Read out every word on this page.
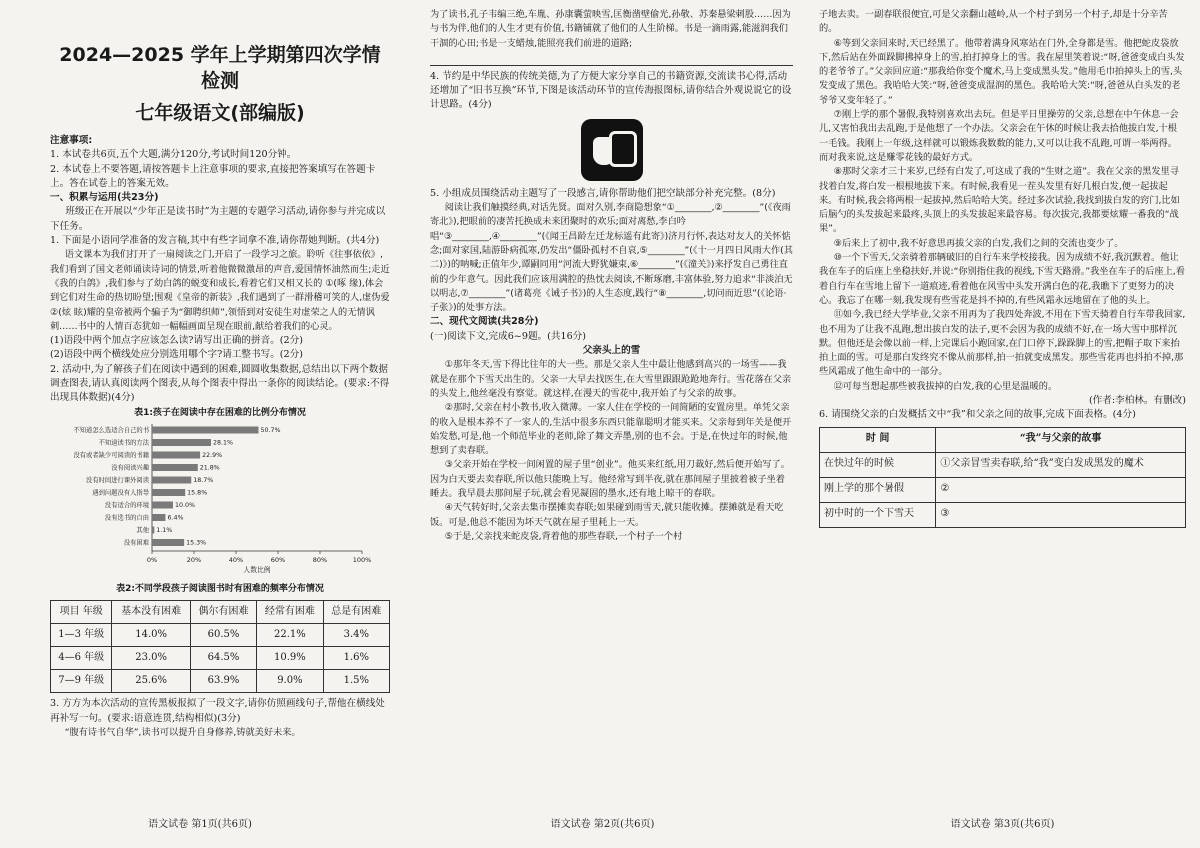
2024—2025 学年上学期第四次学情检测
七年级语文(部编版)

注意事项:

1. 本试卷共6页,五个大题,满分120分,考试时间120分钟。

2. 本试卷上不要答题,请按答题卡上注意事项的要求,直接把答案填写在答题卡上。答在试卷上的答案无效。

一、积累与运用(共23分)

班级正在开展以“少年正是读书时”为主题的专题学习活动,请你参与并完成以下任务。

1. 下面是小语同学准备的发言稿,其中有些字词拿不准,请你帮她判断。(共4分)

语文课本为我们打开了一扇阅读之门,开启了一段学习之旅。聆听《往事依依》,我们看到了国文老师诵读诗词的情景,听着他微微激昂的声音,爱国情怀油然而生;走近《我的白鸽》,我们参与了幼白鸽的蜕变和成长,看着它们又相又长的 ①(啄 缘),体会到它们对生命的热切盼望;围观《皇帝的新装》,我们遇到了一群滑稽可笑的人,虚伪爱 ②(炫 眩)耀的皇帝被两个骗子为“御聘织师”,领悟到对安徒生对虚荣之人的无情讽刺……书中的人情百态犹如一幅幅画面呈现在眼前,献给着我们的心灵。

(1)语段中两个加点字应该怎么读?请写出正确的拼音。(2分)

(2)语段中两个横线处应分别选用哪个字?请工整书写。(2分)

2. 活动中,为了解孩子们在阅读中遇到的困难,圆圆收集数据,总结出以下两个数据调查图表,请认真阅读两个图表,从每个图表中得出一条你的阅读结论。(要求:不得出现具体数据)(4分)

表1:孩子在阅读中存在困难的比例分布情况

不知道怎么选适合自己的书	50.7%
不知道读书的方法	28.1%
没有或者缺少可阅读的书籍	22.9%
没有阅读兴趣	21.8%
没有时间进行课外阅读	18.7%
遇到问题没有人指导	15.8%
没有适合的环境	10.0%
没有选书的自由	6.4%
其他 1.1%
没有困难	15.3%
0%	20%	40%	60%	80%	100%
人数比例

表2:不同学段孩子阅读图书时有困难的频率分布情况

项目 年级	基本没有困难	偶尔有困难	经常有困难	总是有困难
1—3 年级	14.0%	60.5%	22.1%	3.4%
4—6 年级	23.0%	64.5%	10.9%	1.6%
7—9 年级	25.6%	63.9%	9.0%	1.5%

3. 方方为本次活动的宣传黑板报拟了一段文字,请你仿照画线句子,帮他在横线处再补写一句。(要求:语意连贯,结构相似)(3分)

“腹有诗书气自华”,读书可以提升自身修养,铸就美好未来。

语文试卷 第1页(共6页)

为了读书,孔子韦编三绝,车胤、孙康囊萤映雪,匡衡凿壁偷光,孙敬、苏秦悬梁刺股……因为与书为伴,他们的人生才更有价值,书籍铺就了他们的人生阶梯。书是一滴雨露,能滋润我们干涸的心田;书是一支蜡烛,能照亮我们前进的道路;

4. 节约是中华民族的传统美德,为了方便大家分享自己的书籍资源,交流读书心得,活动还增加了“旧书互换”环节,下图是该活动环节的宣传海报图标,请你结合外观说说它的设计思路。(4分)

5. 小组成员围绕活动主题写了一段感言,请你帮助他们把空缺部分补充完整。(8分)

阅读让我们触摸经典,对话先贤。面对久别,李商隐想象“①________,②________”(《夜雨寄北》),把眼前的凄苦托换成未来团聚时的欢乐;面对离愁,李白吟唱“③________,④________”(《闻王昌龄左迁龙标遥有此寄》)济月行怀,表达对友人的关怀惦念;面对家国,陆游卧病孤寒,仍发出“僵卧孤村不自哀,⑤________”(《十一月四日风雨大作(其二)》)的呐喊;正值年少,谭嗣同用“河流大野犹嫌束,⑥________”(《潼关》)来抒发自己勇往直前的少年意气。因此我们应该用满腔的热忱去阅读,不断琢磨,丰富体验,努力追求“非淡泊无以明志,⑦________”(诸葛亮《诫子书》)的人生态度,践行“⑧________,切问而近思”(《论语·子张》)的处事方法。

二、现代文阅读(共28分)

(一)阅读下文,完成6~9题。(共16分)

父亲头上的雪

①那年冬天,雪下得比往年的大一些。那是父亲人生中最让他感到高兴的一场雪——我就是在那个下雪天出生的。父亲一大早去找医生,在大雪里跟跟跄跄地奔行。雪花落在父亲的头发上,他丝毫没有察觉。就这样,在漫天的雪花中,我开始了与父亲的故事。

②那时,父亲在村小教书,收入微薄。一家人住在学校的一间简陋的安置房里。单凭父亲的收入是根本养不了一家人的,生活中很多东西只能靠聪明才能买来。父亲每到年关是便开始发愁,可是,他一个师范毕业的老师,除了舞文弄墨,别的也不会。于是,在快过年的时候,他想到了卖春联。

③父亲开始在学校一间闲置的屋子里“创业”。他买来红纸,用刀裁好,然后便开始写了。因为白天要去卖春联,所以他只能晚上写。他经常写到半夜,就在那间屋子里披着被子坐着睡去。我早晨去那间屋子玩,就会看见凝固的墨水,还有地上晾干的春联。

④天气转好时,父亲去集市摆摊卖春联;如果碰到雨雪天,就只能收摊。摆摊就是看天吃饭。可是,他总不能因为坏天气就在屋子里耗上一天。

⑤于是,父亲找来蛇皮袋,背着他的那些春联,一个村子一个村

语文试卷 第2页(共6页)

子地去卖。一副春联很便宜,可是父亲翻山越岭,从一个村子到另一个村子,却是十分辛苦的。

⑥等到父亲回来时,天已经黑了。他带着满身风寒站在门外,全身都是雪。他把蛇皮袋放下,然后站在外面跺脚拂掉身上的雪,拍打掉身上的雪。我在屋里笑着说:“呀,爸爸变成白头发的老爷爷了。”父亲回应道:“那我给你变个魔术,马上变成黑头发。”他用毛巾拍掉头上的雪,头发变成了黑色。我哈哈大笑:“呀,爸爸变成湿润的黑色。我哈哈大笑:“呀,爸爸从白头发的老爷爷又变年轻了。”

⑦刚上学的那个暑假,我特别喜欢出去玩。但是平日里操劳的父亲,总想在中午休息一会儿,又害怕我出去乱跑,于是他想了一个办法。父亲会在午休的时候让我去拾他拔白发,十根一毛钱。我刚上一年级,这样就可以锻炼我数数的能力,又可以让我不乱跑,可谓一举两得。而对我来说,这是赚零花钱的最好方式。

⑧那时父亲才三十来岁,已经有白发了,可这成了我的“生财之道”。我在父亲的黑发里寻找着白发,将白发一根根地拔下来。有时候,我看见一茬头发里有好几根白发,便一起拔起来。有时候,我会将两根一起拔掉,然后哈哈大笑。经过多次试验,我找到拔白发的窍门,比如后脑勺的头发拔起来最疼,头顶上的头发拔起来最容易。每次拔完,我都要炫耀一番我的“战果”。

⑨后来上了初中,我不好意思再拔父亲的白发,我们之间的交流也变少了。

⑩一个下雪天,父亲骑着那辆破旧的自行车来学校接我。因为成绩不好,我沉默着。他让我在车子的后座上坐稳扶好,并说:“你别指住我的视线,下雪天路滑。”我坐在车子的后座上,看着自行车在雪地上留下一道痕迹,看着他在风雪中头发开满白色的花,我瞧下了更努力的决心。我忘了在哪一刻,我发现有些雪花是抖不掉的,有些风霜永远地留在了他的头上。

⑪如今,我已经大学毕业,父亲不用再为了我四处奔波,不用在下雪天骑着自行车带我回家,也不用为了让我不乱跑,想出拔白发的法子,更不会因为我的成绩不好,在一场大雪中那样沉默。但他还是会像以前一样,上完课后小跑回家,在门口停下,跺跺脚上的雪,把帽子取下来抬拍上面的雪。可是那白发终究不像从前那样,拍一拍就变成黑发。那些雪花再也抖拍不掉,那些风霜成了他生命中的一部分。

⑫可每当想起那些被我拔掉的白发,我的心里是温暖的。

(作者:李柏林。有删改)

6. 请围绕父亲的白发概括文中“我”和父亲之间的故事,完成下面表格。(4分)

时 间	“我”与父亲的故事
在快过年的时候	①父亲冒雪卖春联,给“我”变白发成黑发的魔术
刚上学的那个暑假	②
初中时的一个下雪天	③
语文试卷 第3页(共6页)
